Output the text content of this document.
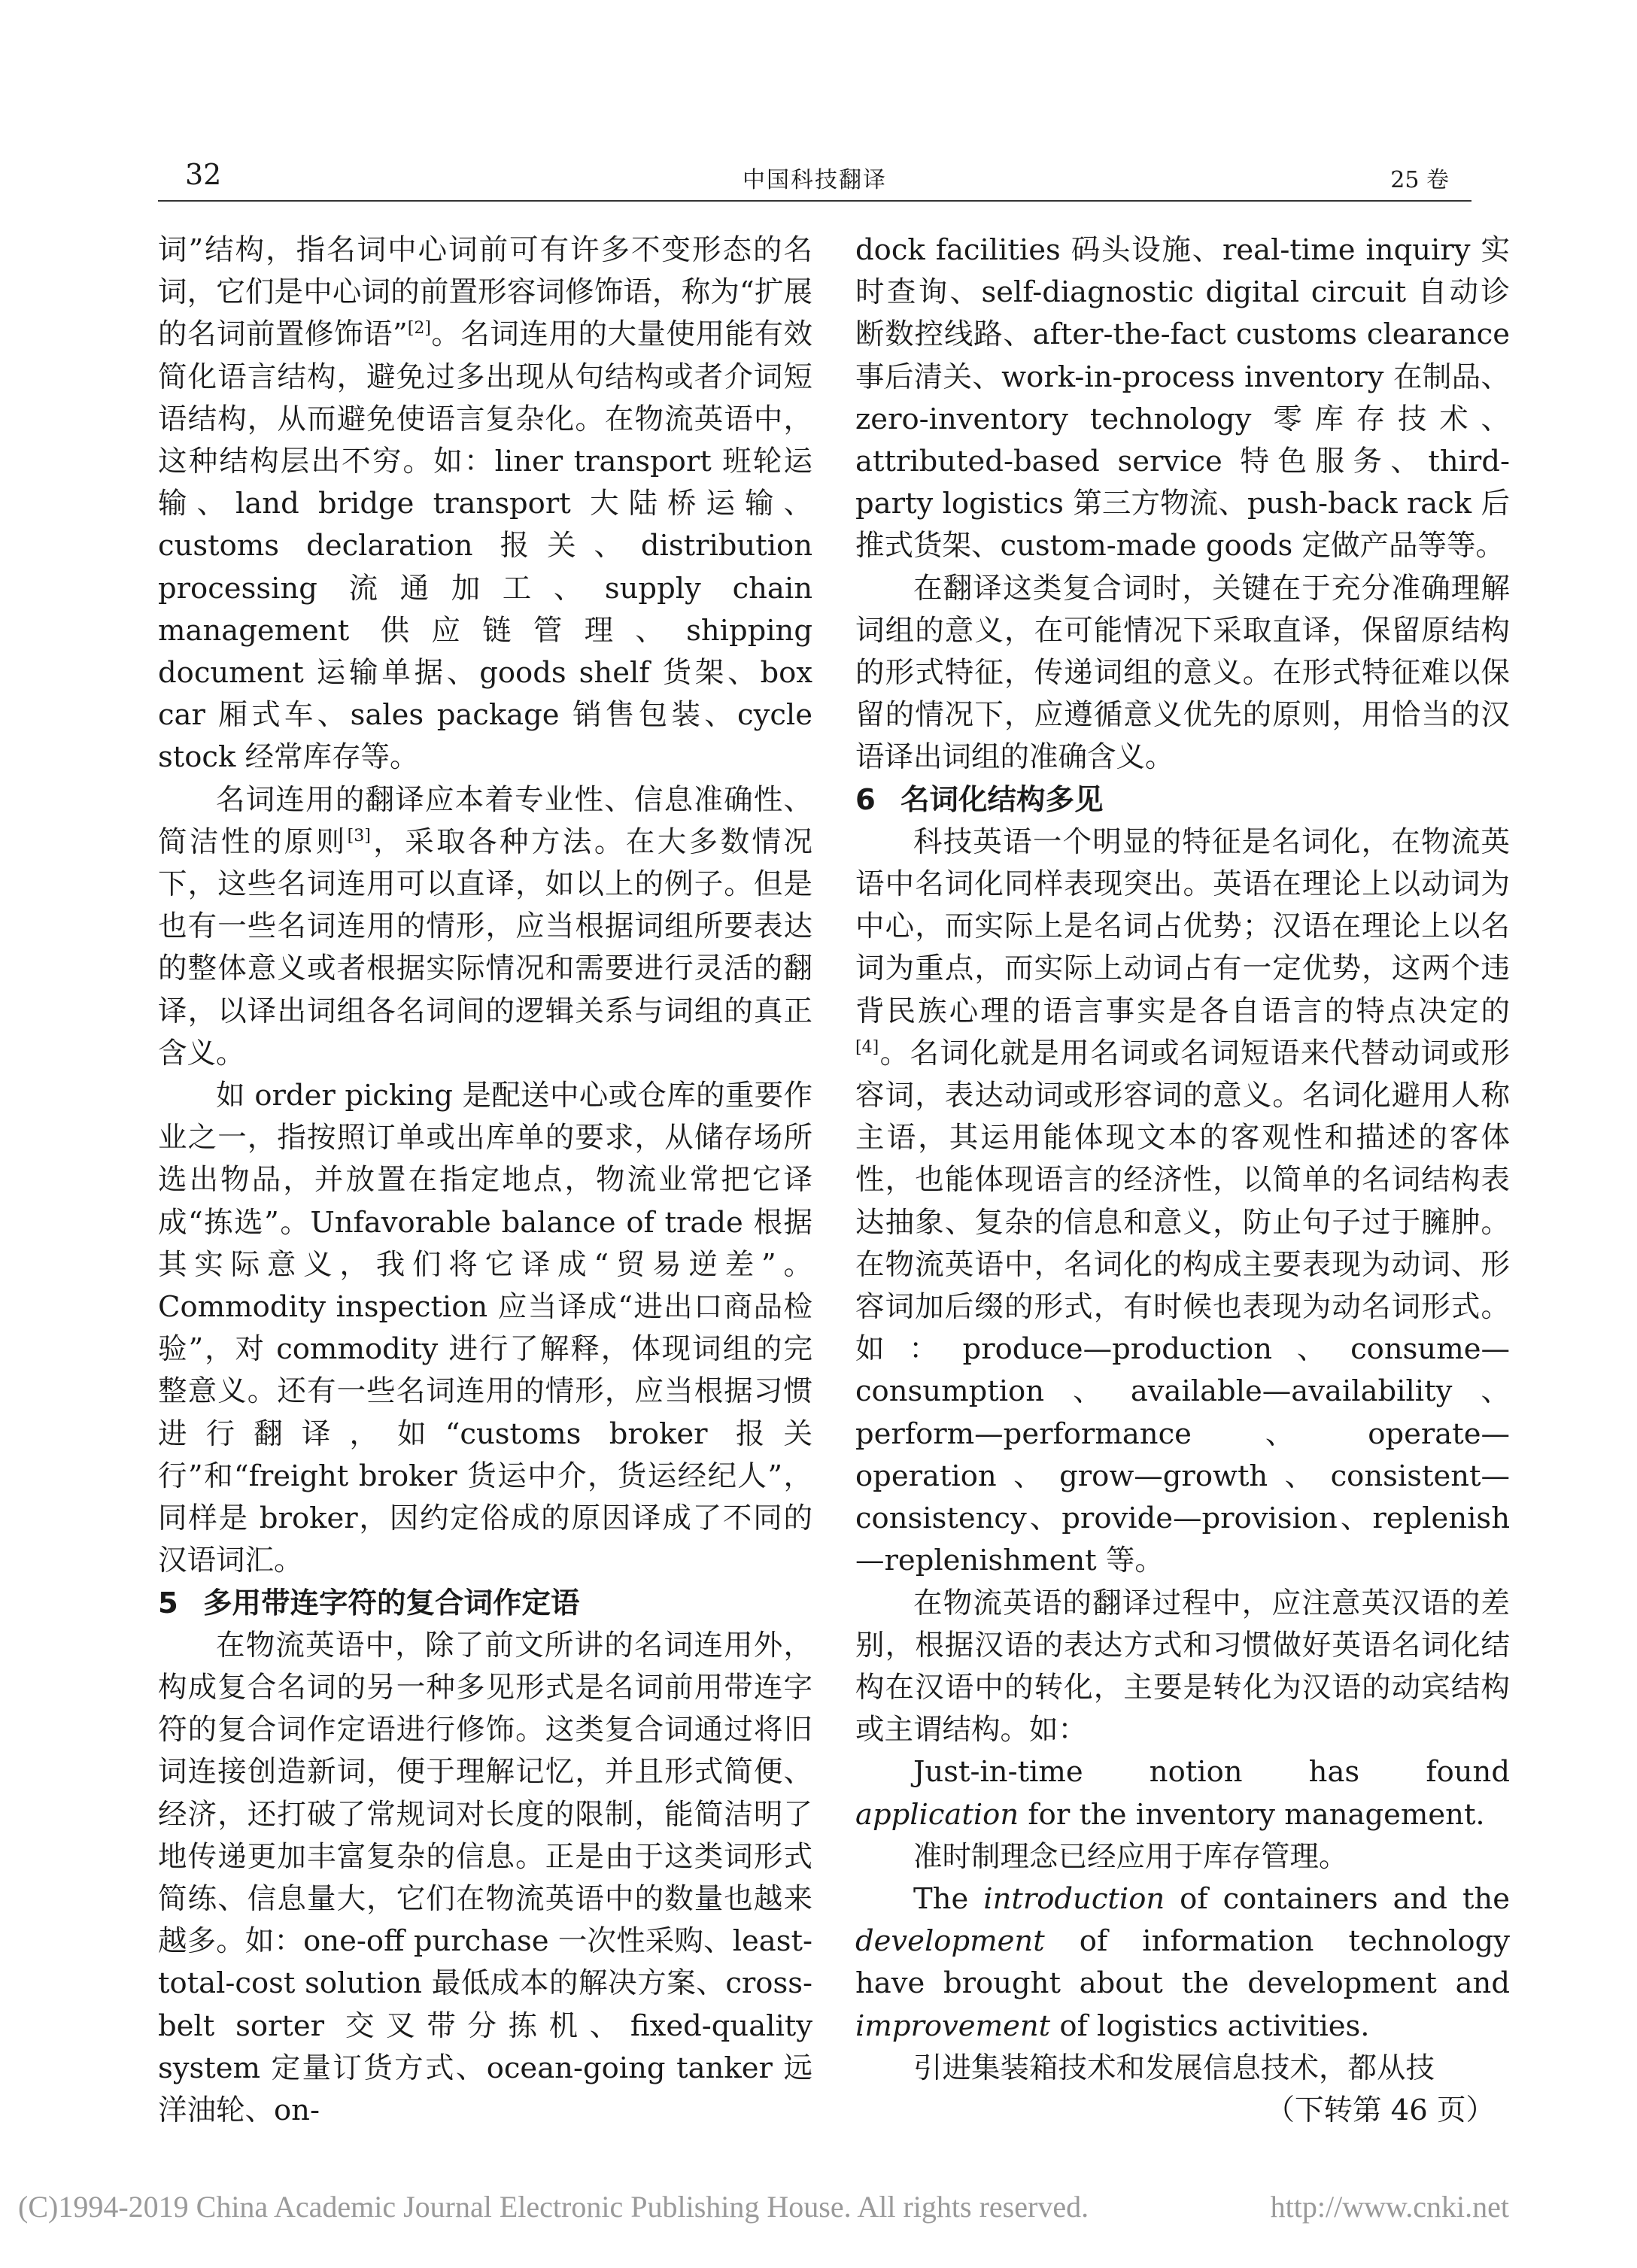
32	中国科技翻译	25 卷

词”结构，指名词中心词前可有许多不变形态的名词，它们是中心词的前置形容词修饰语，称为“扩展的名词前置修饰语”[2]。名词连用的大量使用能有效简化语言结构，避免过多出现从句结构或者介词短语结构，从而避免使语言复杂化。在物流英语中，这种结构层出不穷。如：liner transport 班轮运输、land bridge transport 大陆桥运输、customs declaration 报关、distribution processing 流通加工、supply chain management 供应链管理、shipping document 运输单据、goods shelf 货架、box car 厢式车、sales package 销售包装、cycle stock 经常库存等。

名词连用的翻译应本着专业性、信息准确性、简洁性的原则[3]，采取各种方法。在大多数情况下，这些名词连用可以直译，如以上的例子。但是也有一些名词连用的情形，应当根据词组所要表达的整体意义或者根据实际情况和需要进行灵活的翻译，以译出词组各名词间的逻辑关系与词组的真正含义。

如 order picking 是配送中心或仓库的重要作业之一，指按照订单或出库单的要求，从储存场所选出物品，并放置在指定地点，物流业常把它译成“拣选”。Unfavorable balance of trade 根据其实际意义，我们将它译成“贸易逆差”。Commodity inspection 应当译成“进出口商品检验”，对 commodity 进行了解释，体现词组的完整意义。还有一些名词连用的情形，应当根据习惯进行翻译，如“customs broker 报关行”和“freight broker 货运中介，货运经纪人”，同样是 broker，因约定俗成的原因译成了不同的汉语词汇。

5 多用带连字符的复合词作定语

在物流英语中，除了前文所讲的名词连用外，构成复合名词的另一种多见形式是名词前用带连字符的复合词作定语进行修饰。这类复合词通过将旧词连接创造新词，便于理解记忆，并且形式简便、经济，还打破了常规词对长度的限制，能简洁明了地传递更加丰富复杂的信息。正是由于这类词形式简练、信息量大，它们在物流英语中的数量也越来越多。如：one-off purchase 一次性采购、least-total-cost solution 最低成本的解决方案、cross-belt sorter 交叉带分拣机、fixed-quality system 定量订货方式、ocean-going tanker 远洋油轮、on-

dock facilities 码头设施、real-time inquiry 实时查询、self-diagnostic digital circuit 自动诊断数控线路、after-the-fact customs clearance 事后清关、work-in-process inventory 在制品、zero-inventory technology 零库存技术、attributed-based service 特色服务、third-party logistics 第三方物流、push-back rack 后推式货架、custom-made goods 定做产品等等。

在翻译这类复合词时，关键在于充分准确理解词组的意义，在可能情况下采取直译，保留原结构的形式特征，传递词组的意义。在形式特征难以保留的情况下，应遵循意义优先的原则，用恰当的汉语译出词组的准确含义。

6 名词化结构多见

科技英语一个明显的特征是名词化，在物流英语中名词化同样表现突出。英语在理论上以动词为中心，而实际上是名词占优势；汉语在理论上以名词为重点，而实际上动词占有一定优势，这两个违背民族心理的语言事实是各自语言的特点决定的[4]。名词化就是用名词或名词短语来代替动词或形容词，表达动词或形容词的意义。名词化避用人称主语，其运用能体现文本的客观性和描述的客体性，也能体现语言的经济性，以简单的名词结构表达抽象、复杂的信息和意义，防止句子过于臃肿。在物流英语中，名词化的构成主要表现为动词、形容词加后缀的形式，有时候也表现为动名词形式。如：produce—production、consume—consumption、available—availability、perform—performance、operate—operation、grow—growth、consistent—consistency、provide—provision、replenish—replenishment 等。

在物流英语的翻译过程中，应注意英汉语的差别，根据汉语的表达方式和习惯做好英语名词化结构在汉语中的转化，主要是转化为汉语的动宾结构或主谓结构。如：

Just-in-time notion has found application for the inventory management.

准时制理念已经应用于库存管理。

The introduction of containers and the development of information technology have brought about the development and improvement of logistics activities.

引进集装箱技术和发展信息技术，都从技

（下转第 46 页）

(C)1994-2019 China Academic Journal Electronic Publishing House. All rights reserved.	http://www.cnki.net
